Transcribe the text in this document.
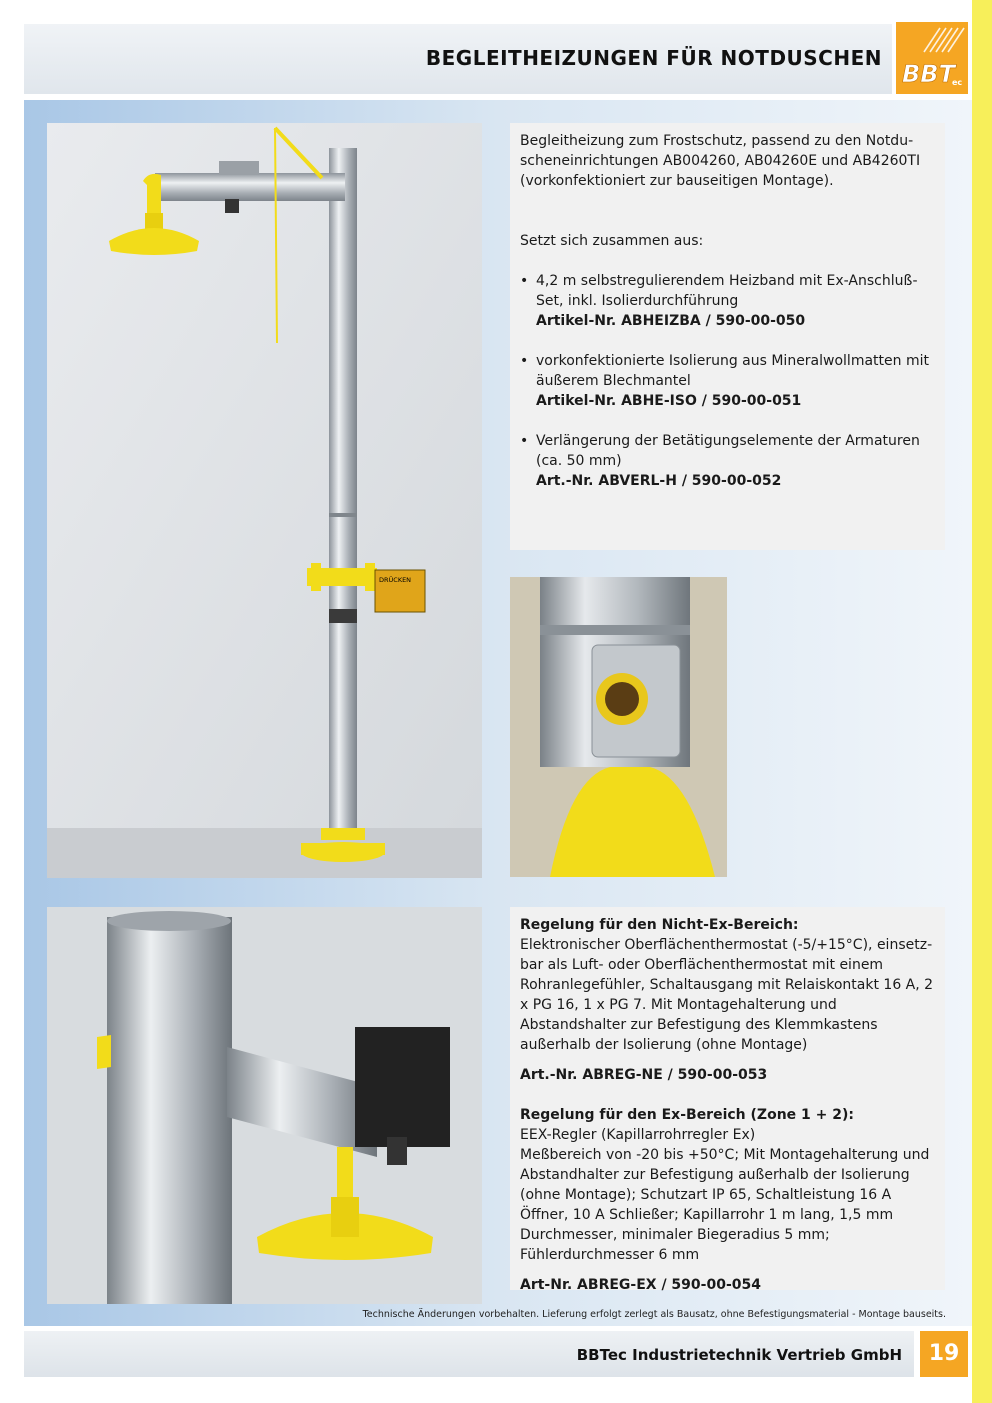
BEGLEITHEIZUNGEN FÜR NOTDUSCHEN
BBT
ec
DRÜCKEN

Begleitheizung zum Frostschutz, passend zu den Notdu-scheneinrichtungen AB004260, AB04260E und AB4260TI (vorkonfektioniert zur bauseitigen Montage).

Setzt sich zusammen aus:

• 4,2 m selbstregulierendem Heizband mit Ex-Anschluß-Set, inkl. Isolierdurchführung

Artikel-Nr. ABHEIZBA / 590-00-050

• vorkonfektionierte Isolierung aus Mineralwollmatten mit äußerem Blechmantel

Artikel-Nr. ABHE-ISO / 590-00-051

• Verlängerung der Betätigungselemente der Armaturen (ca. 50 mm)

Art.-Nr. ABVERL-H / 590-00-052

Regelung für den Nicht-Ex-Bereich:

Elektronischer Oberflächenthermostat (-5/+15°C), einsetz-bar als Luft- oder Oberflächenthermostat mit einem Rohranlegefühler, Schaltausgang mit Relaiskontakt 16 A, 2 x PG 16, 1 x PG 7. Mit Montagehalterung und Abstandshalter zur Befestigung des Klemmkastens außerhalb der Isolierung (ohne Montage)

Art.-Nr. ABREG-NE / 590-00-053

Regelung für den Ex-Bereich (Zone 1 + 2):

EEX-Regler (Kapillarrohrregler Ex)

Meßbereich von -20 bis +50°C; Mit Montagehalterung und Abstandhalter zur Befestigung außerhalb der Isolierung (ohne Montage); Schutzart IP 65, Schaltleistung 16 A Öffner, 10 A Schließer; Kapillarrohr 1 m lang, 1,5 mm Durchmesser, minimaler Biegeradius 5 mm; Fühlerdurchmesser 6 mm

Art-Nr. ABREG-EX / 590-00-054

Technische Änderungen vorbehalten. Lieferung erfolgt zerlegt als Bausatz, ohne Befestigungsmaterial - Montage bauseits.
BBTec Industrietechnik Vertrieb GmbH	19
